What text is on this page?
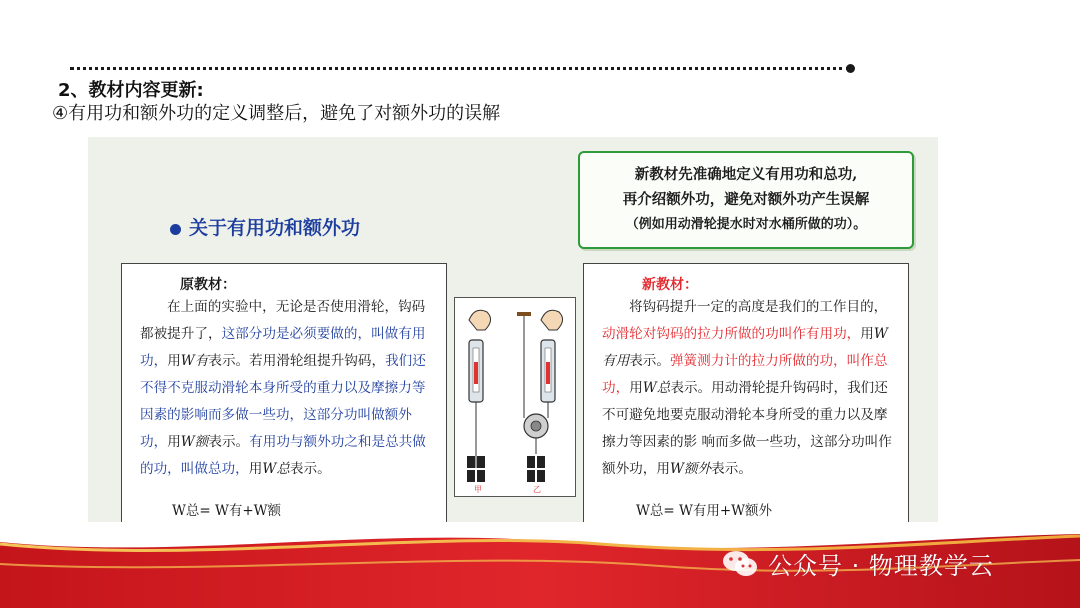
2、教材内容更新:
④有用功和额外功的定义调整后，避免了对额外功的误解
新教材先准确地定义有用功和总功,
再介绍额外功，避免对额外功产生误解
（例如用动滑轮提水时对水桶所做的功）。
关于有用功和额外功
原教材：
在上面的实验中，无论是否使用滑轮，钩码都被提升了，这部分功是必须要做的，叫做有用功，用W有表示。若用滑轮组提升钩码，我们还不得不克服动滑轮本身所受的重力以及摩擦力等因素的影响而多做一些功，这部分功叫做额外功，用W额表示。有用功与额外功之和是总共做的功，叫做总功，用W总表示。
W总= W有+W额
甲	乙
新教材：
将钩码提升一定的高度是我们的工作目的，动滑轮对钩码的拉力所做的功叫作有用功，用W有用表示。弹簧测力计的拉力所做的功，叫作总功，用W总表示。用动滑轮提升钩码时，我们还不可避免地要克服动滑轮本身所受的重力以及摩擦力等因素的影 响而多做一些功，这部分功叫作额外功，用W额外表示。
W总= W有用+W额外
公众号 · 物理教学云
